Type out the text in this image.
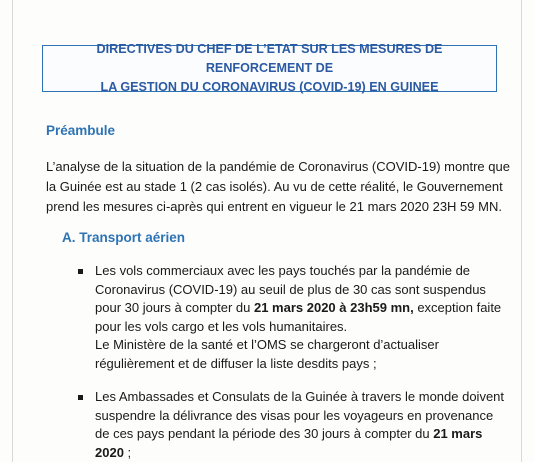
DIRECTIVES DU CHEF DE L’ETAT SUR LES MESURES DE RENFORCEMENT DE
LA GESTION DU CORONAVIRUS (COVID-19) EN GUINEE
Préambule
L’analyse de la situation de la pandémie de Coronavirus (COVID-19) montre que
la Guinée est au stade 1 (2 cas isolés). Au vu de cette réalité, le Gouvernement
prend les mesures ci-après qui entrent en vigueur le 21 mars 2020 23H 59 MN.
A. Transport aérien
Les vols commerciaux avec les pays touchés par la pandémie de
Coronavirus (COVID-19) au seuil de plus de 30 cas sont suspendus
pour 30 jours à compter du 21 mars 2020 à 23h59 mn, exception faite
pour les vols cargo et les vols humanitaires.
Le Ministère de la santé et l’OMS se chargeront d’actualiser
régulièrement et de diffuser la liste desdits pays ;
Les Ambassades et Consulats de la Guinée à travers le monde doivent
suspendre la délivrance des visas pour les voyageurs en provenance
de ces pays pendant la période des 30 jours à compter du 21 mars
2020 ;
